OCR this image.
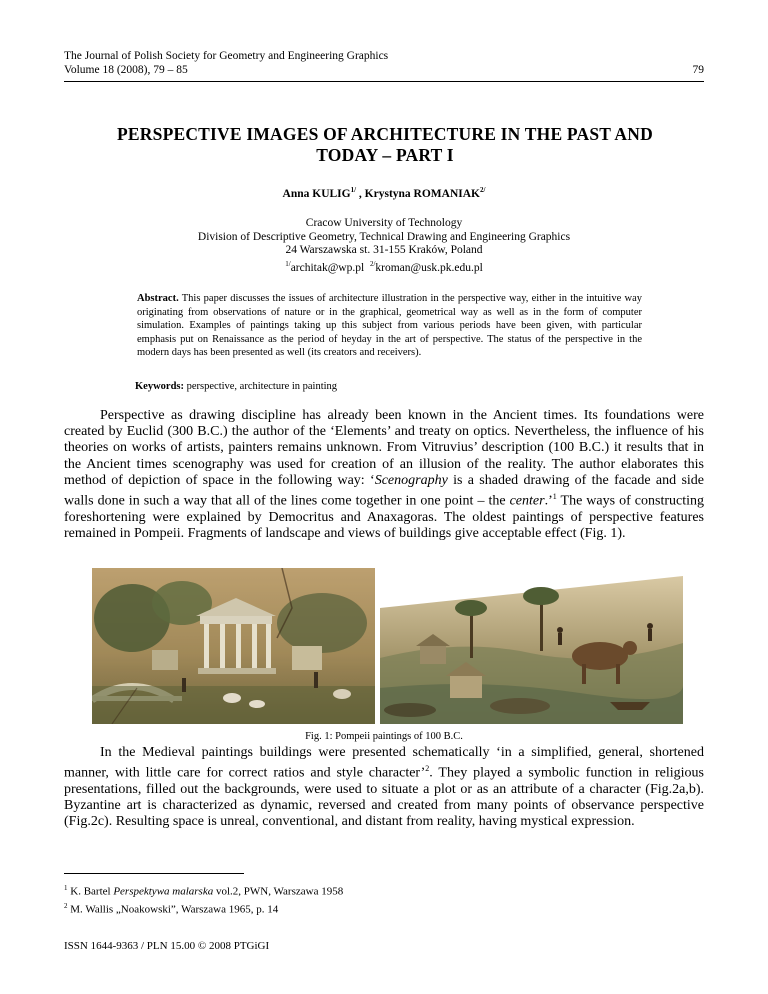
The Journal of Polish Society for Geometry and Engineering Graphics
Volume 18 (2008), 79 – 85	79
PERSPECTIVE IMAGES OF ARCHITECTURE IN THE PAST AND
TODAY – PART I
Anna $KULIG^{1/}$ , Krystyna $ROMANIAK^{2/}$
Cracow University of Technology
Division of Descriptive Geometry, Technical Drawing and Engineering Graphics
24 Warszawska st. 31-155 Kraków, Poland
$^{1/}$architak@wp.pl $^{2/}$kroman@usk.pk.edu.pl
Abstract. This paper discusses the issues of architecture illustration in the perspective way, either in the intuitive way originating from observations of nature or in the graphical, geometrical way as well as in the form of computer simulation. Examples of paintings taking up this subject from various periods have been given, with particular emphasis put on Renaissance as the period of heyday in the art of perspective. The status of the perspective in the modern days has been presented as well (its creators and receivers).
Keywords: perspective, architecture in painting
Perspective as drawing discipline has already been known in the Ancient times. Its foundations were created by Euclid (300 B.C.) the author of the ‘Elements’ and treaty on optics. Nevertheless, the influence of his theories on works of artists, painters remains unknown. From Vitruvius’ description (100 B.C.) it results that in the Ancient times scenography was used for creation of an illusion of the reality. The author elaborates this method of depiction of space in the following way: ‘Scenography is a shaded drawing of the facade and side walls done in such a way that all of the lines come together in one point – the center.’$^1$ The ways of constructing foreshortening were explained by Democritus and Anaxagoras. The oldest paintings of perspective features remained in Pompeii. Fragments of landscape and views of buildings give acceptable effect (Fig. 1).
Fig. 1: Pompeii paintings of 100 B.C.
In the Medieval paintings buildings were presented schematically ‘in a simplified, general, shortened manner, with little care for correct ratios and style character’$^2$. They played a symbolic function in religious presentations, filled out the backgrounds, were used to situate a plot or as an attribute of a character (Fig.2a,b). Byzantine art is characterized as dynamic, reversed and created from many points of observance perspective (Fig.2c). Resulting space is unreal, conventional, and distant from reality, having mystical expression.
$^1$ K. Bartel Perspektywa malarska vol.2, PWN, Warszawa 1958
$^2$ M. Wallis „Noakowski”, Warszawa 1965, p. 14
ISSN 1644-9363 / PLN 15.00 © 2008 PTGiGI
